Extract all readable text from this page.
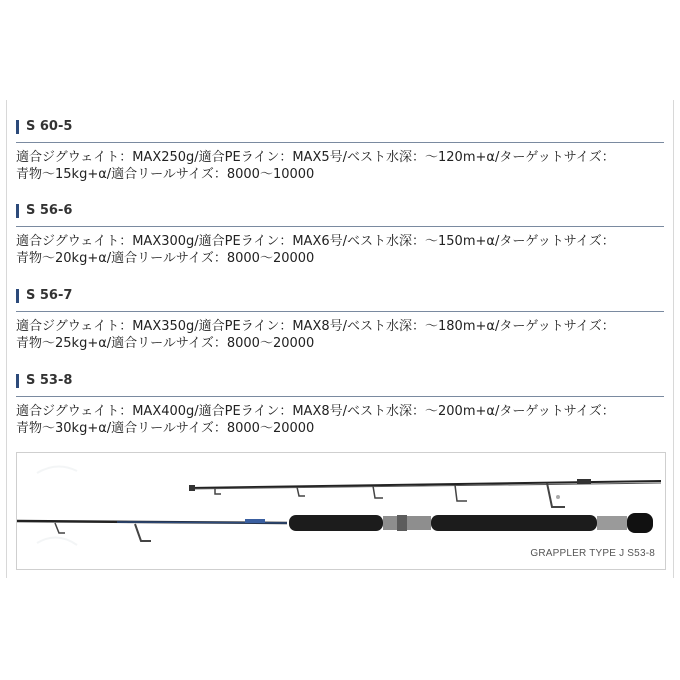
S 60-5
適合ジグウェイト：MAX250g/適合PEライン：MAX5号/ベスト水深：〜120m+α/ターゲットサイズ：
青物〜15kg+α/適合リールサイズ：8000〜10000
S 56-6
適合ジグウェイト：MAX300g/適合PEライン：MAX6号/ベスト水深：〜150m+α/ターゲットサイズ：
青物〜20kg+α/適合リールサイズ：8000〜20000
S 56-7
適合ジグウェイト：MAX350g/適合PEライン：MAX8号/ベスト水深：〜180m+α/ターゲットサイズ：
青物〜25kg+α/適合リールサイズ：8000〜20000
S 53-8
適合ジグウェイト：MAX400g/適合PEライン：MAX8号/ベスト水深：〜200m+α/ターゲットサイズ：
青物〜30kg+α/適合リールサイズ：8000〜20000
GRAPPLER TYPE J S53-8
